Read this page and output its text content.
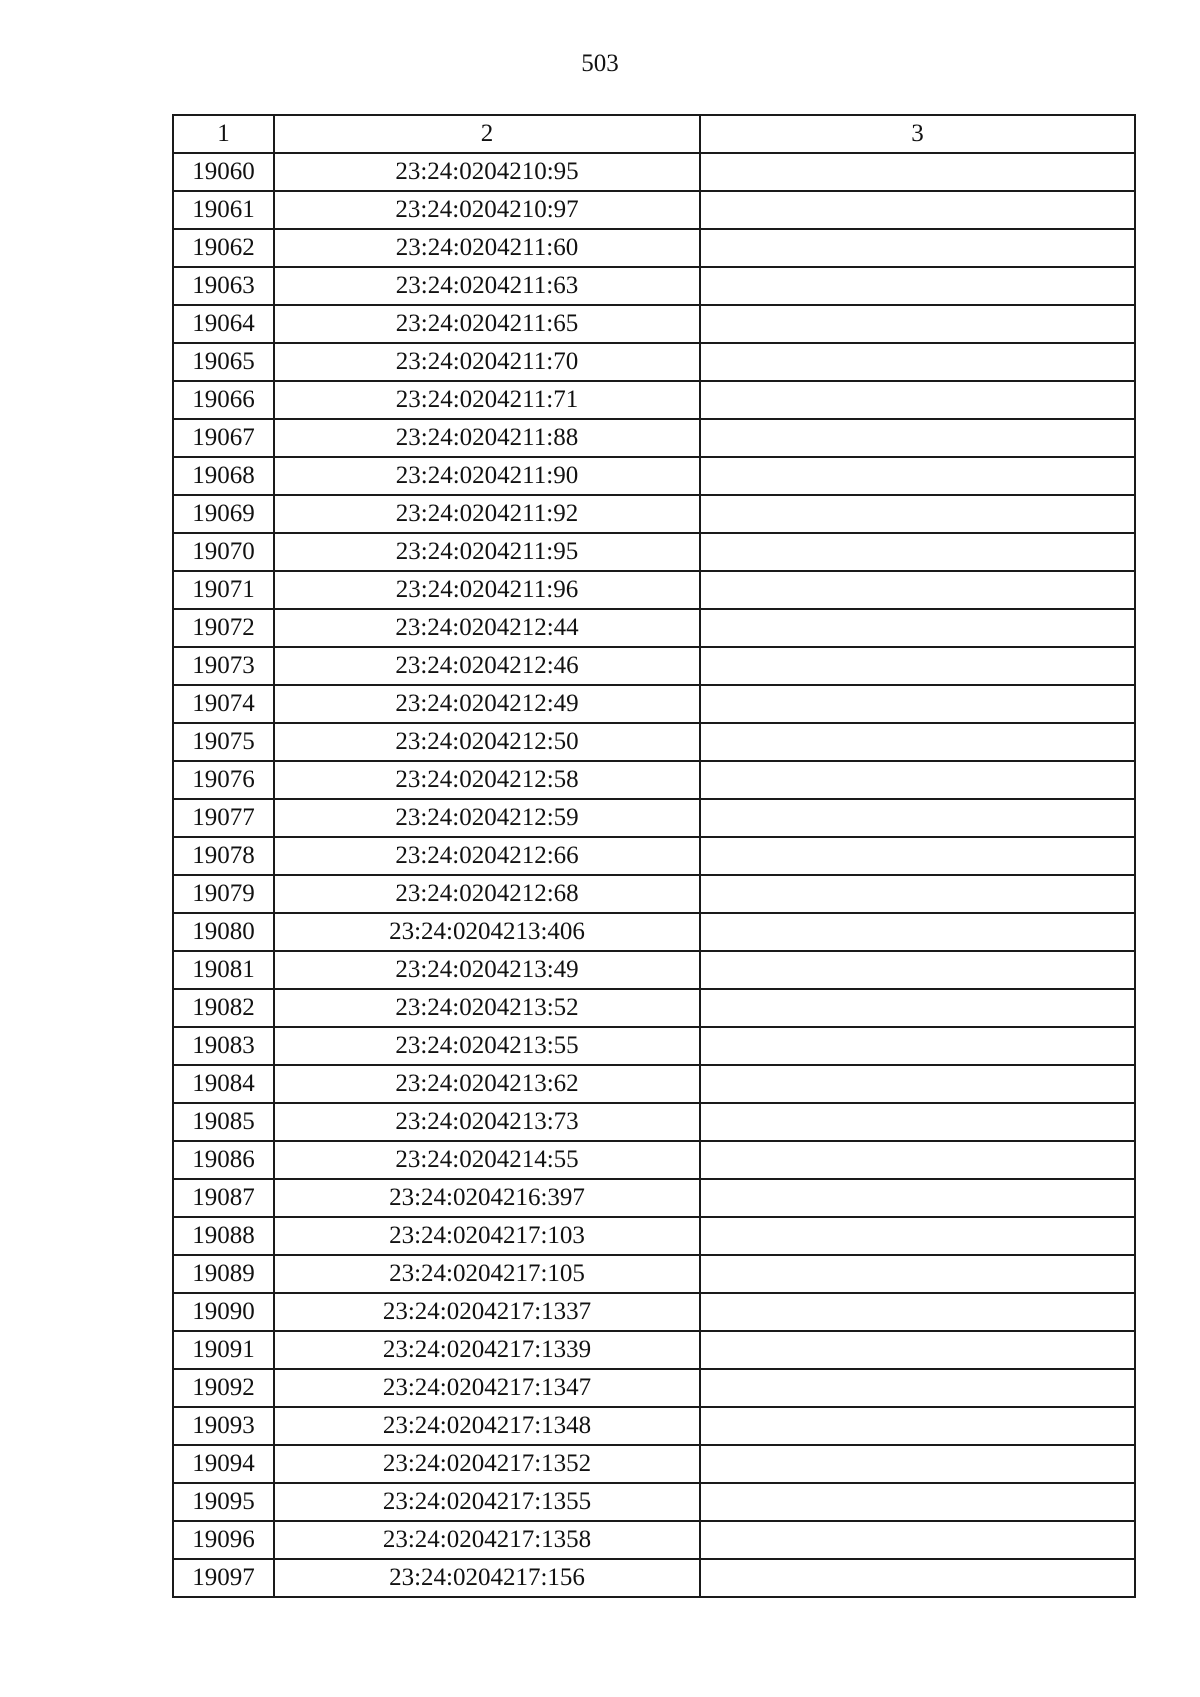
503
1	2	3
19060	23:24:0204210:95	
19061	23:24:0204210:97	
19062	23:24:0204211:60	
19063	23:24:0204211:63	
19064	23:24:0204211:65	
19065	23:24:0204211:70	
19066	23:24:0204211:71	
19067	23:24:0204211:88	
19068	23:24:0204211:90	
19069	23:24:0204211:92	
19070	23:24:0204211:95	
19071	23:24:0204211:96	
19072	23:24:0204212:44	
19073	23:24:0204212:46	
19074	23:24:0204212:49	
19075	23:24:0204212:50	
19076	23:24:0204212:58	
19077	23:24:0204212:59	
19078	23:24:0204212:66	
19079	23:24:0204212:68	
19080	23:24:0204213:406	
19081	23:24:0204213:49	
19082	23:24:0204213:52	
19083	23:24:0204213:55	
19084	23:24:0204213:62	
19085	23:24:0204213:73	
19086	23:24:0204214:55	
19087	23:24:0204216:397	
19088	23:24:0204217:103	
19089	23:24:0204217:105	
19090	23:24:0204217:1337	
19091	23:24:0204217:1339	
19092	23:24:0204217:1347	
19093	23:24:0204217:1348	
19094	23:24:0204217:1352	
19095	23:24:0204217:1355	
19096	23:24:0204217:1358	
19097	23:24:0204217:156	
